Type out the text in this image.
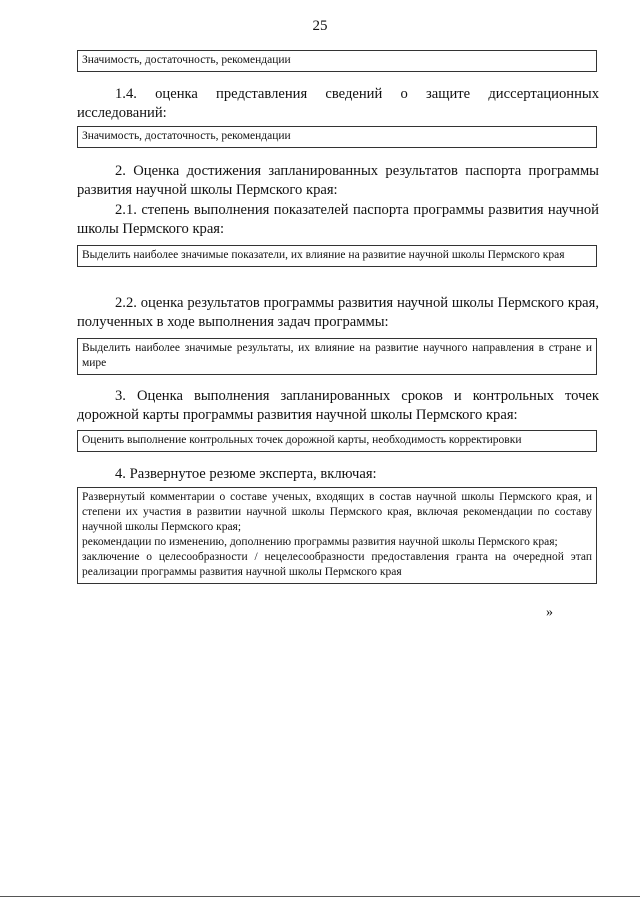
25
Значимость, достаточность, рекомендации
1.4. оценка представления сведений о защите диссертационных исследований:
Значимость, достаточность, рекомендации
2. Оценка достижения запланированных результатов паспорта программы развития научной школы Пермского края:
2.1. степень выполнения показателей паспорта программы развития научной школы Пермского края:
Выделить наиболее значимые показатели, их влияние на развитие научной школы Пермского края
2.2. оценка результатов программы развития научной школы Пермского края, полученных в ходе выполнения задач программы:
Выделить наиболее значимые результаты, их влияние на развитие научного направления в стране и мире
3. Оценка выполнения запланированных сроков и контрольных точек дорожной карты программы развития научной школы Пермского края:
Оценить выполнение контрольных точек дорожной карты, необходимость корректировки
4. Развернутое резюме эксперта, включая:
Развернутый комментарии о составе ученых, входящих в состав научной школы Пермского края, и степени их участия в развитии научной школы Пермского края, включая рекомендации по составу научной школы Пермского края;
рекомендации по изменению, дополнению программы развития научной школы Пермского края;
заключение о целесообразности / нецелесообразности предоставления гранта на очередной этап реализации программы развития научной школы Пермского края
»
